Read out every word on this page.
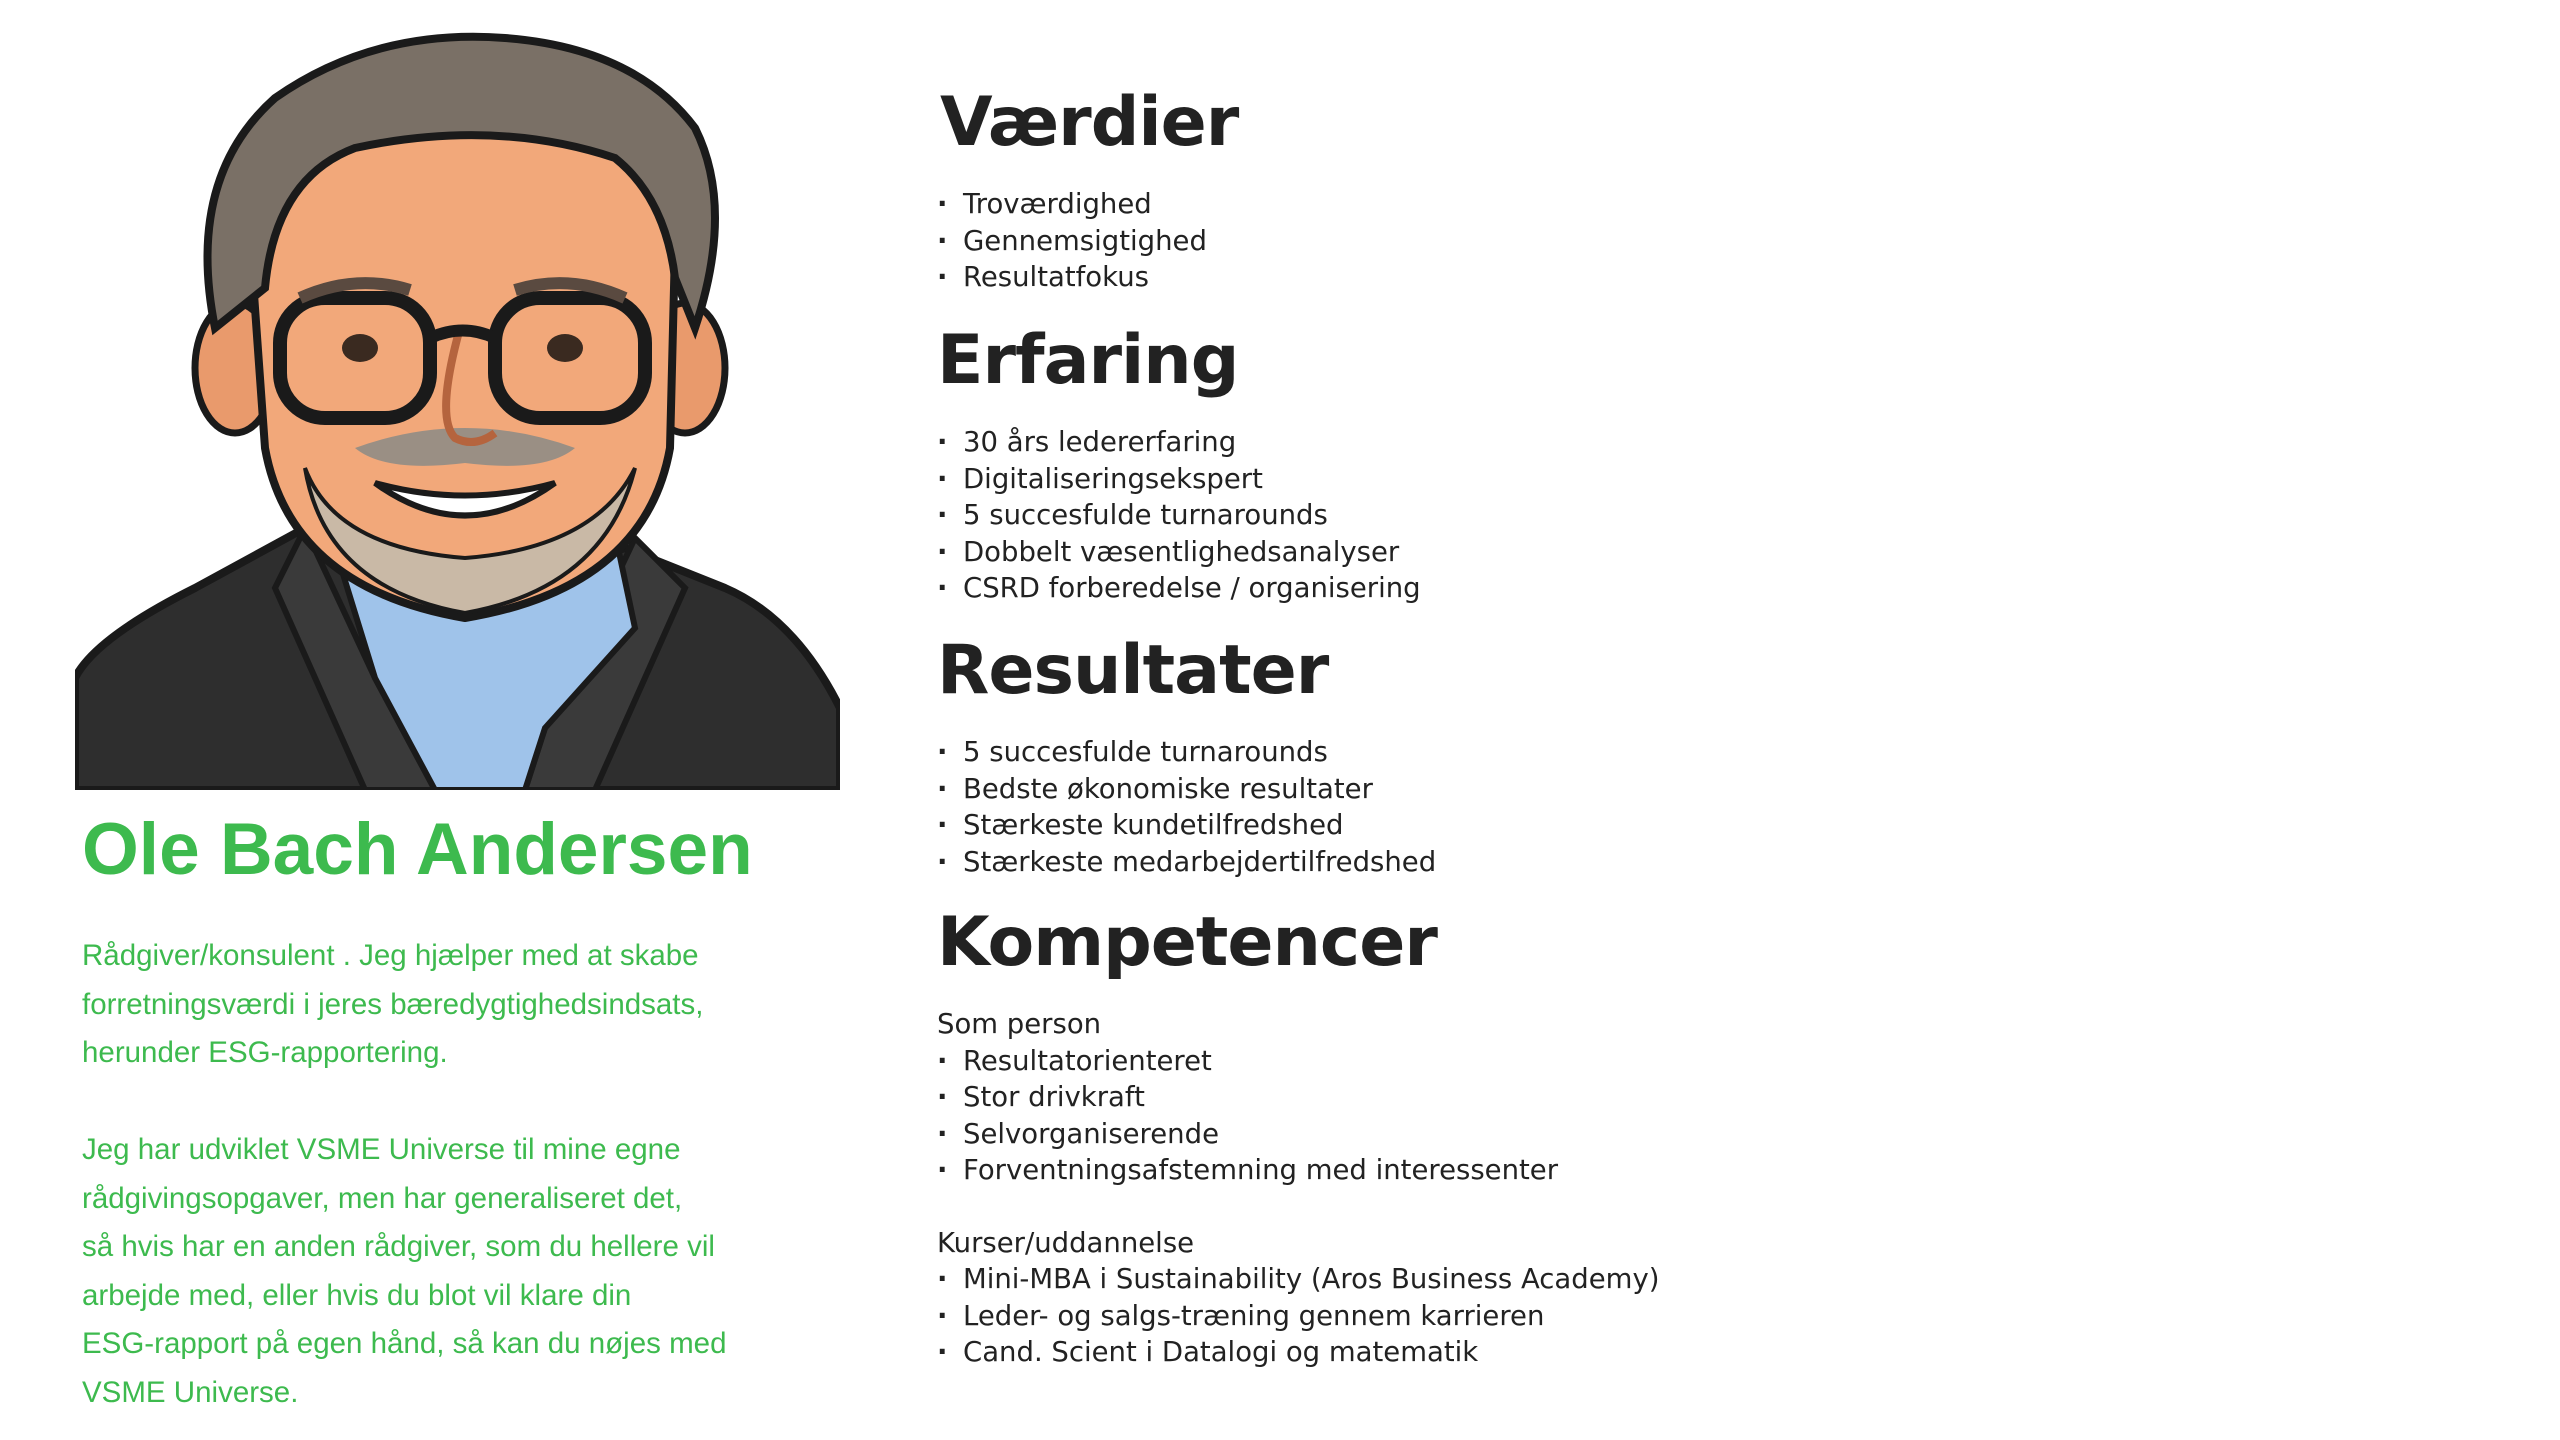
Ole Bach Andersen

Rådgiver/konsulent . Jeg hjælper med at skabe

forretningsværdi i jeres bæredygtighedsindsats,

herunder ESG-rapportering.

Jeg har udviklet VSME Universe til mine egne

rådgivingsopgaver, men har generaliseret det,

så hvis har en anden rådgiver, som du hellere vil

arbejde med, eller hvis du blot vil klare din

ESG-rapport på egen hånd, så kan du nøjes med

VSME Universe.

Værdier
· Troværdighed
· Gennemsigtighed
· Resultatfokus
Erfaring
· 30 års ledererfaring
· Digitaliseringsekspert
· 5 succesfulde turnarounds
· Dobbelt væsentlighedsanalyser
· CSRD forberedelse / organisering
Resultater
· 5 succesfulde turnarounds
· Bedste økonomiske resultater
· Stærkeste kundetilfredshed
· Stærkeste medarbejdertilfredshed
Kompetencer
Som person
· Resultatorienteret
· Stor drivkraft
· Selvorganiserende
· Forventningsafstemning med interessenter
Kurser/uddannelse
· Mini-MBA i Sustainability (Aros Business Academy)
· Leder- og salgs-træning gennem karrieren
· Cand. Scient i Datalogi og matematik
